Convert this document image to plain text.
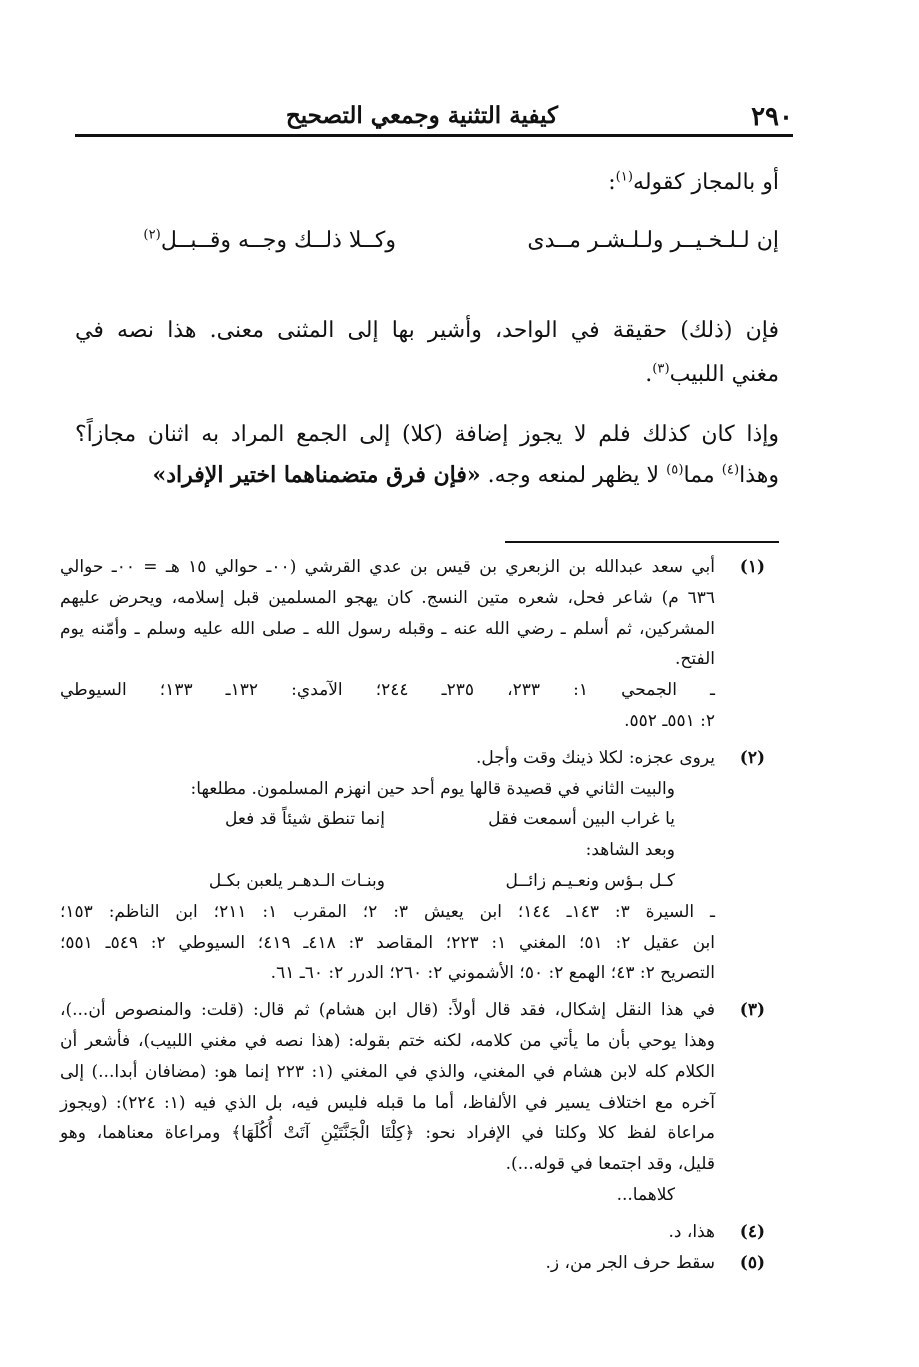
٢٩٠
كيفية التثنية وجمعي التصحيح
أو بالمجاز كقوله$^{(١)}$:
إن لـلـخـيــر ولـلـشـر مــدى
وكــلا ذلــك وجــه وقــبــل$^{(٢)}$
فإن (ذلك) حقيقة في الواحد، وأشير بها إلى المثنى معنى. هذا نصه في
مغني اللبيب$^{(٣)}$.
وإذا كان كذلك فلم لا يجوز إضافة (كلا) إلى الجمع المراد به اثنان مجازاً؟
وهذا$^{(٤)}$ مما$^{(٥)}$ لا يظهر لمنعه وجه. «فإن فرق متضمناهما اختير الإفراد»
(١)
أبي سعد عبدالله بن الزبعري بن قيس بن عدي القرشي (٠٠ـ حوالي ١٥ هـ = ٠٠ـ حوالي
٦٣٦ م) شاعر فحل، شعره متين النسج. كان يهجو المسلمين قبل إسلامه، ويحرض عليهم
المشركين، ثم أسلم ـ رضي الله عنه ـ وقبله رسول الله ـ صلى الله عليه وسلم ـ وأمّنه يوم
الفتح.
ـ الجمحي ١: ٢٣٣، ٢٣٥ـ ٢٤٤؛ الآمدي: ١٣٢ـ ١٣٣؛ السيوطي
٢: ٥٥١ـ ٥٥٢.
(٢)
يروى عجزه: لكلا ذينك وقت وأجل.
والبيت الثاني في قصيدة قالها يوم أحد حين انهزم المسلمون. مطلعها:
يا غراب البين أسمعت فقل
إنما تنطق شيئاً قد فعل
وبعد الشاهد:
كـل بـؤس ونعـيـم زائــل
وبنـات الـدهـر يلعبن بكـل
ـ السيرة ٣: ١٤٣ـ ١٤٤؛ ابن يعيش ٣: ٢؛ المقرب ١: ٢١١؛ ابن الناظم: ١٥٣؛
ابن عقيل ٢: ٥١؛ المغني ١: ٢٢٣؛ المقاصد ٣: ٤١٨ـ ٤١٩؛ السيوطي ٢: ٥٤٩ـ ٥٥١؛
التصريح ٢: ٤٣؛ الهمع ٢: ٥٠؛ الأشموني ٢: ٢٦٠؛ الدرر ٢: ٦٠ـ ٦١.
(٣)
في هذا النقل إشكال، فقد قال أولاً: (قال ابن هشام) ثم قال: (قلت: والمنصوص أن...)،
وهذا يوحي بأن ما يأتي من كلامه، لكنه ختم بقوله: (هذا نصه في مغني اللبيب)، فأشعر أن
الكلام كله لابن هشام في المغني، والذي في المغني (١: ٢٢٣ إنما هو: (مضافان أبدا...) إلى
آخره مع اختلاف يسير في الألفاظ، أما ما قبله فليس فيه، بل الذي فيه (١: ٢٢٤): (ويجوز
مراعاة لفظ كلا وكلتا في الإفراد نحو: ﴿كِلْتَا الْجَنَّتَيْنِ آتَتْ أُكُلَهَا﴾ ومراعاة معناهما، وهو
قليل، وقد اجتمعا في قوله...).
كلاهما...
(٤)
هذا، د.
(٥)
سقط حرف الجر من، ز.
